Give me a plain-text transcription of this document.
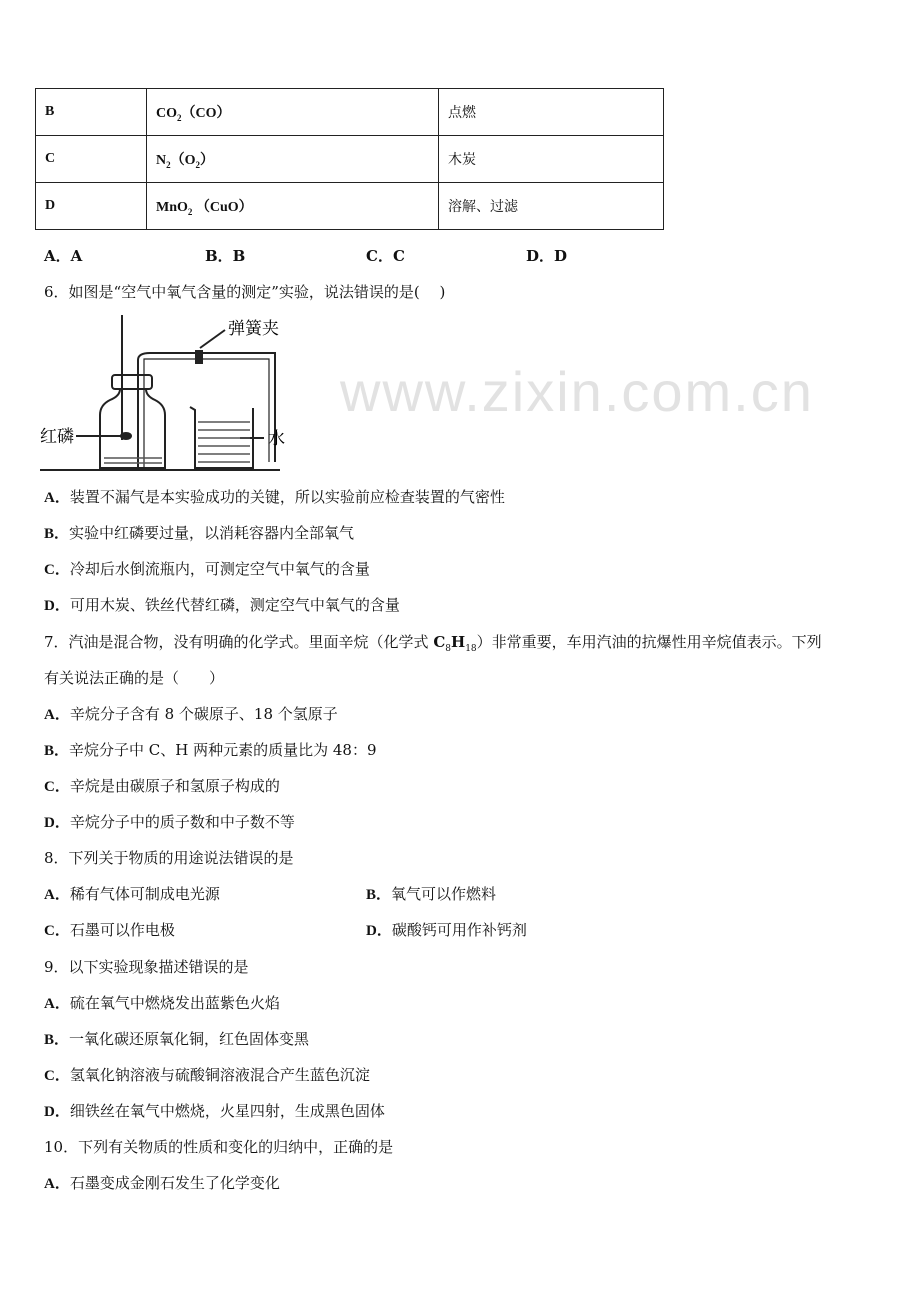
www.zixin.com.cn
B	$CO_2(CO)$	点燃
C	$N_2(O_2)$	木炭
D	MnO$_2$ （CuO）	溶解、过滤
A．A	B．B	C．C	D．D
6．如图是“空气中氧气含量的测定”实验，说法错误的是(　 )
弹簧夹
红磷	水
A．装置不漏气是本实验成功的关键，所以实验前应检查装置的气密性
B．实验中红磷要过量，以消耗容器内全部氧气
C．冷却后水倒流瓶内，可测定空气中氧气的含量
D．可用木炭、铁丝代替红磷，测定空气中氧气的含量
7．汽油是混合物，没有明确的化学式。里面辛烷（化学式 $C_8H_{18}$）非常重要，车用汽油的抗爆性用辛烷值表示。下列
有关说法正确的是（　　）
A．辛烷分子含有 8 个碳原子、18 个氢原子
B．辛烷分子中 C、H 两种元素的质量比为 48：9
C．辛烷是由碳原子和氢原子构成的
D．辛烷分子中的质子数和中子数不等
8．下列关于物质的用途说法错误的是
A．稀有气体可制成电光源	B．氧气可以作燃料
C．石墨可以作电极	D．碳酸钙可用作补钙剂
9．以下实验现象描述错误的是
A．硫在氧气中燃烧发出蓝紫色火焰
B．一氧化碳还原氧化铜，红色固体变黑
C．氢氧化钠溶液与硫酸铜溶液混合产生蓝色沉淀
D．细铁丝在氧气中燃烧，火星四射，生成黑色固体
10．下列有关物质的性质和变化的归纳中，正确的是
A．石墨变成金刚石发生了化学变化
